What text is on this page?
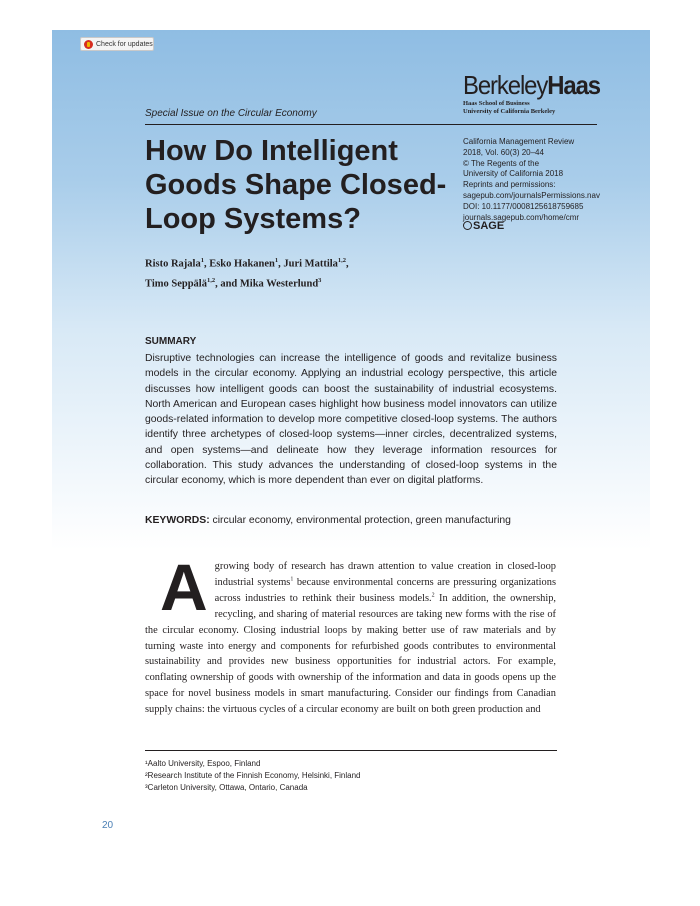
Check for updates
BerkeleyHaas
Haas School of Business
University of California Berkeley
Special Issue on the Circular Economy
How Do Intelligent Goods Shape Closed-Loop Systems?
California Management Review
2018, Vol. 60(3) 20–44
© The Regents of the
University of California 2018
Reprints and permissions:
sagepub.com/journalsPermissions.nav
DOI: 10.1177/0008125618759685
journals.sagepub.com/home/cmr
SAGE
Risto Rajala$^1$, Esko Hakanen$^1$, Juri Mattila$^{1,2}$,
Timo Seppälä$^{1,2}$, and Mika Westerlund$^3$
SUMMARY

Disruptive technologies can increase the intelligence of goods and revitalize business models in the circular economy. Applying an industrial ecology perspective, this article discusses how intelligent goods can boost the sustainability of industrial ecosystems. North American and European cases highlight how business model innovators can utilize goods-related information to develop more competitive closed-loop systems. The authors identify three archetypes of closed-loop systems—inner circles, decentralized systems, and open systems—and delineate how they leverage information resources for collaboration. This study advances the understanding of closed-loop systems in the circular economy, which is more dependent than ever on digital platforms.

KEYWORDS: circular economy, environmental protection, green manufacturing

A growing body of research has drawn attention to value creation in closed-loop industrial systems$^1$ because environmental concerns are pressuring organizations across industries to rethink their business models.$^2$ In addition, the ownership, recycling, and sharing of material resources are taking new forms with the rise of the circular economy. Closing industrial loops by making better use of raw materials and by turning waste into energy and components for refurbished goods contributes to environmental sustainability and provides new business opportunities for industrial actors. For example, conflating ownership of goods with ownership of the information and data in goods opens up the space for novel business models in smart manufacturing. Consider our findings from Canadian supply chains: the virtuous cycles of a circular economy are built on both green production and

¹Aalto University, Espoo, Finland
²Research Institute of the Finnish Economy, Helsinki, Finland
³Carleton University, Ottawa, Ontario, Canada
20
